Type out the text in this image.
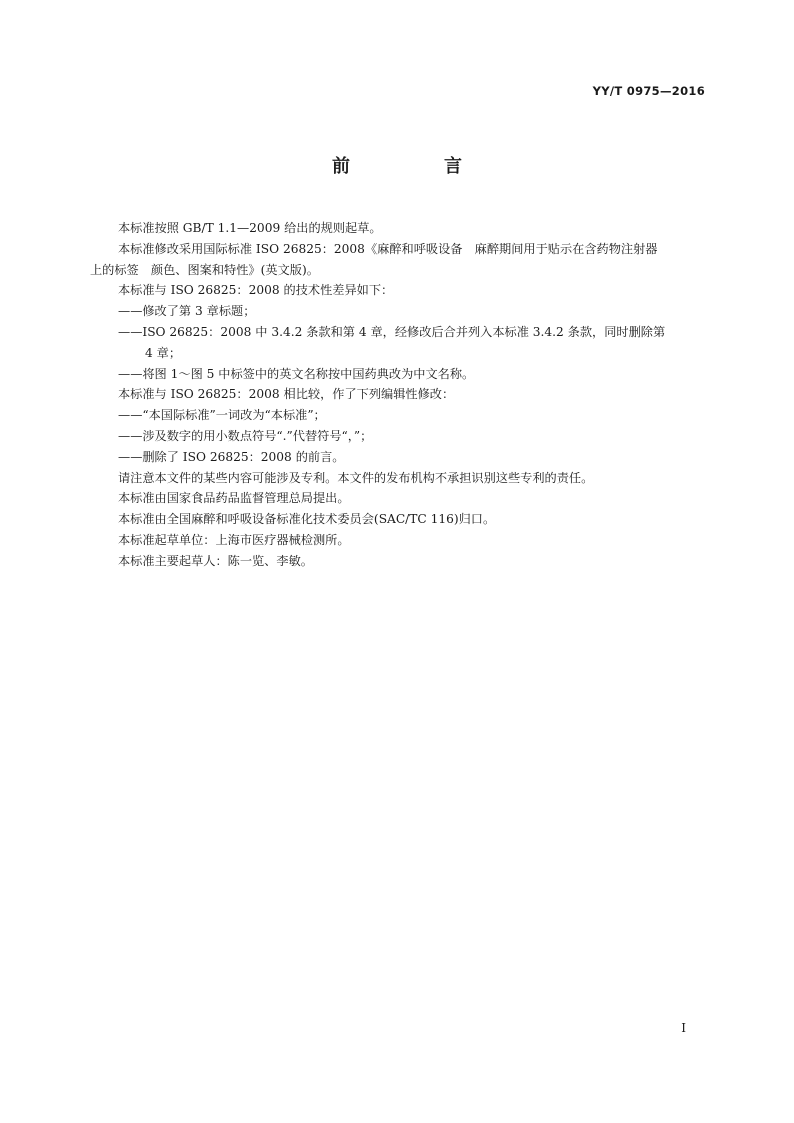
YY/T 0975—2016
前　言

本标准按照 GB/T 1.1—2009 给出的规则起草。

本标准修改采用国际标准 ISO 26825：2008《麻醉和呼吸设备　麻醉期间用于贴示在含药物注射器

上的标签　颜色、图案和特性》(英文版)。

本标准与 ISO 26825：2008 的技术性差异如下：

——修改了第 3 章标题；

——ISO 26825：2008 中 3.4.2 条款和第 4 章，经修改后合并列入本标准 3.4.2 条款，同时删除第

4 章；

——将图 1～图 5 中标签中的英文名称按中国药典改为中文名称。

本标准与 ISO 26825：2008 相比较，作了下列编辑性修改：

——“本国际标准”一词改为“本标准”；

——涉及数字的用小数点符号“.”代替符号“，”；

——删除了 ISO 26825：2008 的前言。

请注意本文件的某些内容可能涉及专利。本文件的发布机构不承担识别这些专利的责任。

本标准由国家食品药品监督管理总局提出。

本标准由全国麻醉和呼吸设备标准化技术委员会(SAC/TC 116)归口。

本标准起草单位：上海市医疗器械检测所。

本标准主要起草人：陈一览、李敏。

I
